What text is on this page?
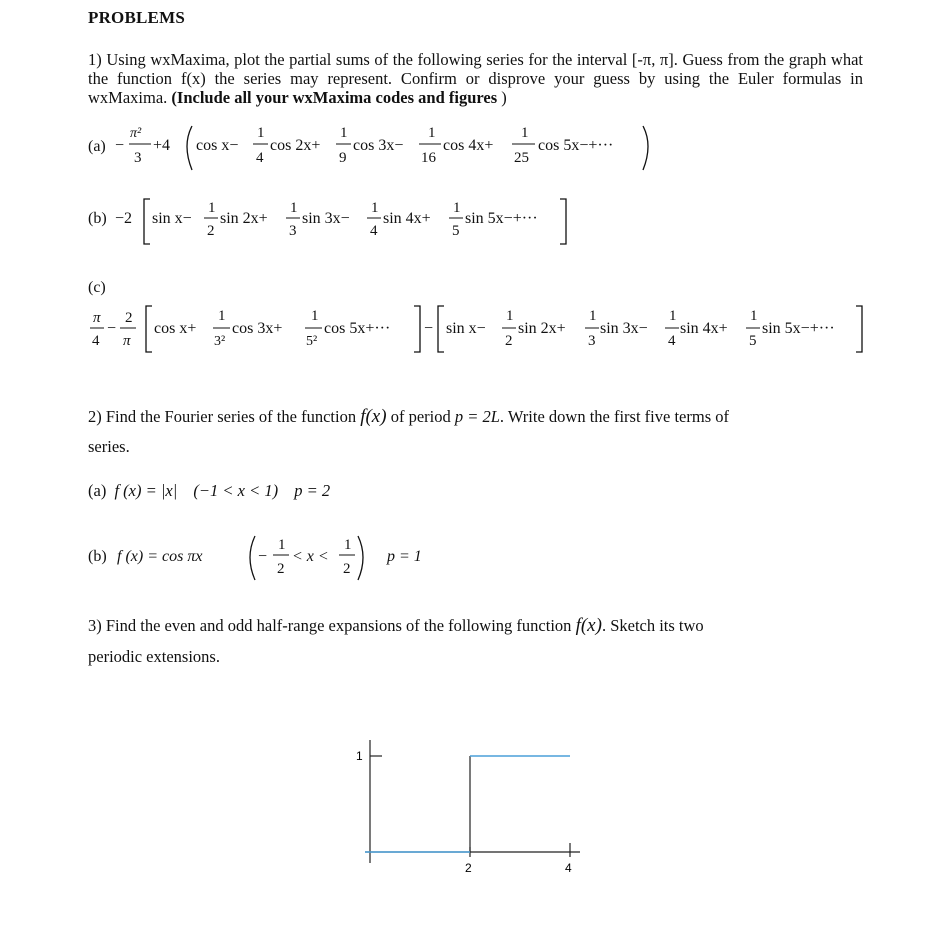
PROBLEMS
1) Using wxMaxima, plot the partial sums of the following series for the interval [-π, π]. Guess from the graph what the function f(x) the series may represent. Confirm or disprove your guess by using the Euler formulas in wxMaxima. (Include all your wxMaxima codes and figures )
(a) −
π²
3
+4 cos x−
1
4
cos 2x+
1
9
cos 3x−
1
16
cos 4x+
1
25
cos 5x−+···
(b) −2 sin x−
1
2
sin 2x+
1
3
sin 3x−
1
4
sin 4x+
1
5
sin 5x−+···
(c)
π
4
−
2
π
cos x+
1
3²
cos 3x+
1
5²
cos 5x+··· − sin x−
1
2
sin 2x+
1
3
sin 3x−
1
4
sin 4x+
1
5
sin 5x−+···
(b) f (x) = cos πx	−
1
2
< x <
1
2
p = 1
2) Find the Fourier series of the function f(x) of period p = 2L. Write down the first five terms of
series.
(a) f (x) = |x| (−1 < x < 1) p = 2
3) Find the even and odd half-range expansions of the following function f(x). Sketch its two
periodic extensions.
1
2	4
